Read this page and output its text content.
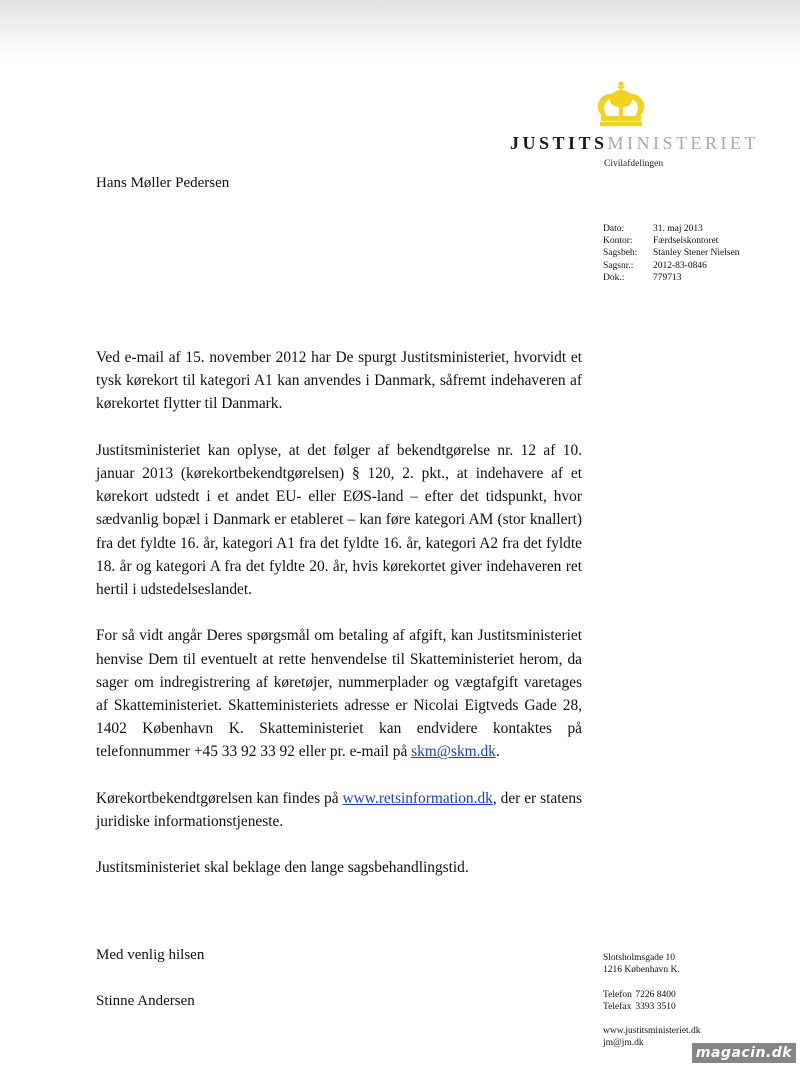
JUSTITSMINISTERIET
Civilafdelingen
Hans Møller Pedersen
Dato:	31. maj 2013
Kontor:	Færdselskontoret
Sagsbeh:	Stanley Stener Nielsen
Sagsnr.:	2012-83-0846
Dok.:	779713

Ved e-mail af 15. november 2012 har De spurgt Justitsministeriet, hvorvidt et tysk kørekort til kategori A1 kan anvendes i Danmark, såfremt indehaveren af kørekortet flytter til Danmark.

Justitsministeriet kan oplyse, at det følger af bekendtgørelse nr. 12 af 10. januar 2013 (kørekortbekendtgørelsen) § 120, 2. pkt., at indehavere af et kørekort udstedt i et andet EU- eller EØS-land – efter det tidspunkt, hvor sædvanlig bopæl i Danmark er etableret – kan føre kategori AM (stor knallert) fra det fyldte 16. år, kategori A1 fra det fyldte 16. år, kategori A2 fra det fyldte 18. år og kategori A fra det fyldte 20. år, hvis kørekortet giver indehaveren ret hertil i udstedelseslandet.

For så vidt angår Deres spørgsmål om betaling af afgift, kan Justitsministeriet henvise Dem til eventuelt at rette henvendelse til Skatteministeriet herom, da sager om indregistrering af køretøjer, nummerplader og vægtafgift varetages af Skatteministeriet. Skatteministeriets adresse er Nicolai Eigtveds Gade 28, 1402 København K. Skatteministeriet kan endvidere kontaktes på telefonnummer +45 33 92 33 92 eller pr. e-mail på skm@skm.dk.

Kørekortbekendtgørelsen kan findes på www.retsinformation.dk, der er statens juridiske informationstjeneste.

Justitsministeriet skal beklage den lange sagsbehandlingstid.

Med venlig hilsen
Stinne Andersen
Slotsholmsgade 10
1216 København K.
Telefon 7226 8400
Telefax 3393 3510
www.justitsministeriet.dk
jm@jm.dk
magacin.dk
